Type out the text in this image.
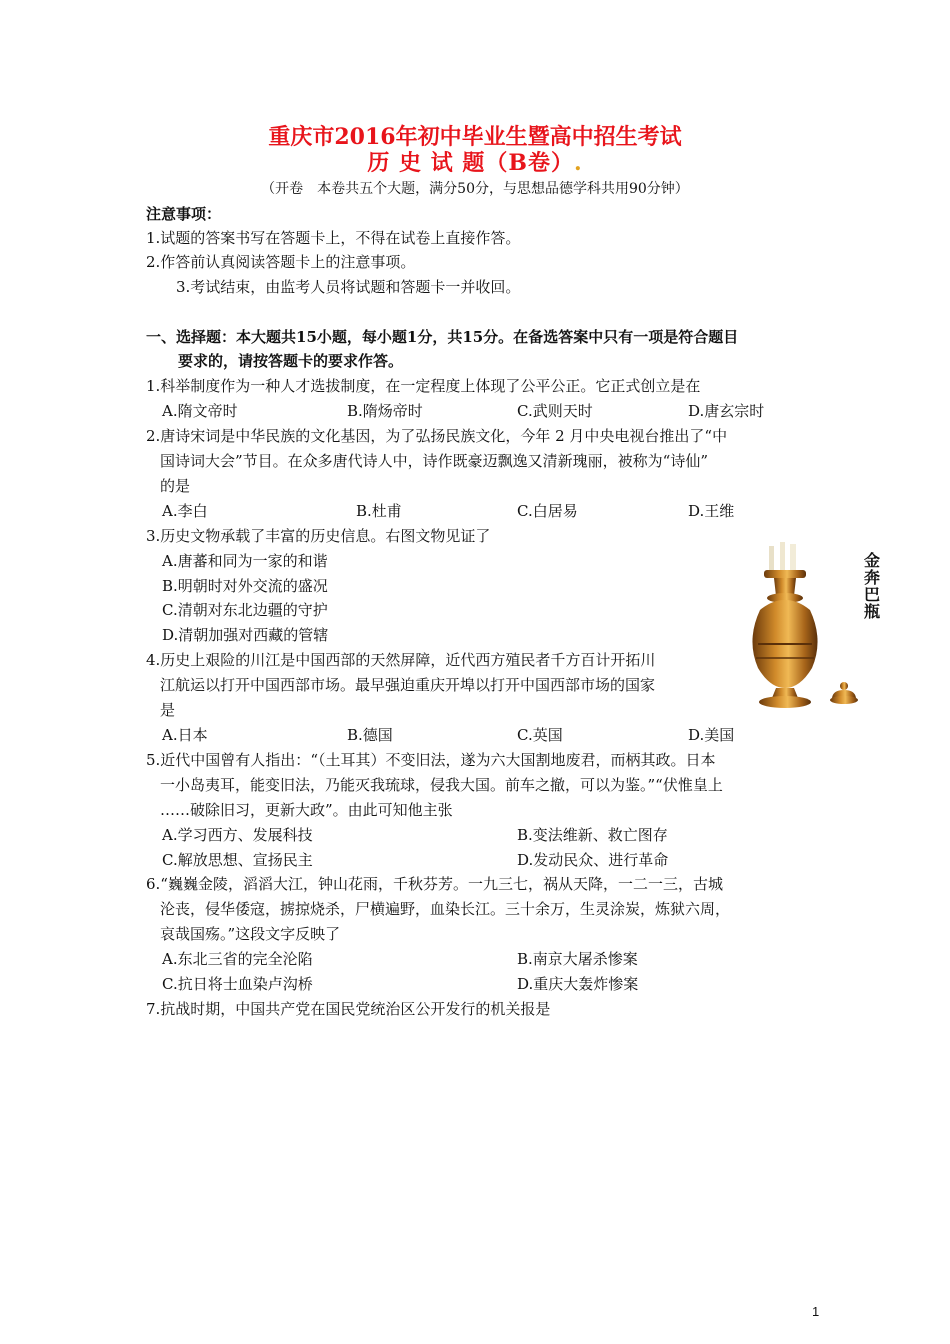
重庆市2016年初中毕业生暨高中招生考试
历 史 试 题（B卷）.
（开卷　本卷共五个大题，满分50分，与思想品德学科共用90分钟）
注意事项：
1.试题的答案书写在答题卡上，不得在试卷上直接作答。
2.作答前认真阅读答题卡上的注意事项。
3.考试结束，由监考人员将试题和答题卡一并收回。
一、选择题：本大题共15小题，每小题1分，共15分。在备选答案中只有一项是符合题目
要求的，请按答题卡的要求作答。
1.科举制度作为一种人才选拔制度，在一定程度上体现了公平公正。它正式创立是在
A.隋文帝时	B.隋炀帝时	C.武则天时	D.唐玄宗时
2.唐诗宋词是中华民族的文化基因，为了弘扬民族文化，今年 2 月中央电视台推出了“中
国诗词大会”节目。在众多唐代诗人中，诗作既豪迈飘逸又清新瑰丽，被称为“诗仙”
的是
A.李白	B.杜甫	C.白居易	D.王维
3.历史文物承载了丰富的历史信息。右图文物见证了
A.唐蕃和同为一家的和谐
B.明朝时对外交流的盛况
C.清朝对东北边疆的守护
D.清朝加强对西藏的管辖
金
奔
巴
瓶
4.历史上艰险的川江是中国西部的天然屏障，近代西方殖民者千方百计开拓川
江航运以打开中国西部市场。最早强迫重庆开埠以打开中国西部市场的国家
是
A.日本	B.德国	C.英国	D.美国
5.近代中国曾有人指出：“（土耳其）不变旧法，遂为六大国割地废君，而柄其政。日本
一小岛夷耳，能变旧法，乃能灭我琉球，侵我大国。前车之撤，可以为鉴。”“伏惟皇上
……破除旧习，更新大政”。由此可知他主张
A.学习西方、发展科技	B.变法维新、救亡图存
C.解放思想、宣扬民主	D.发动民众、进行革命
6.“巍巍金陵，滔滔大江，钟山花雨，千秋芬芳。一九三七，祸从天降，一二一三，古城
沦丧，侵华倭寇，掳掠烧杀，尸横遍野，血染长江。三十余万，生灵涂炭，炼狱六周，
哀哉国殇。”这段文字反映了
A.东北三省的完全沦陷	B.南京大屠杀惨案
C.抗日将士血染卢沟桥	D.重庆大轰炸惨案
7.抗战时期，中国共产党在国民党统治区公开发行的机关报是
1
